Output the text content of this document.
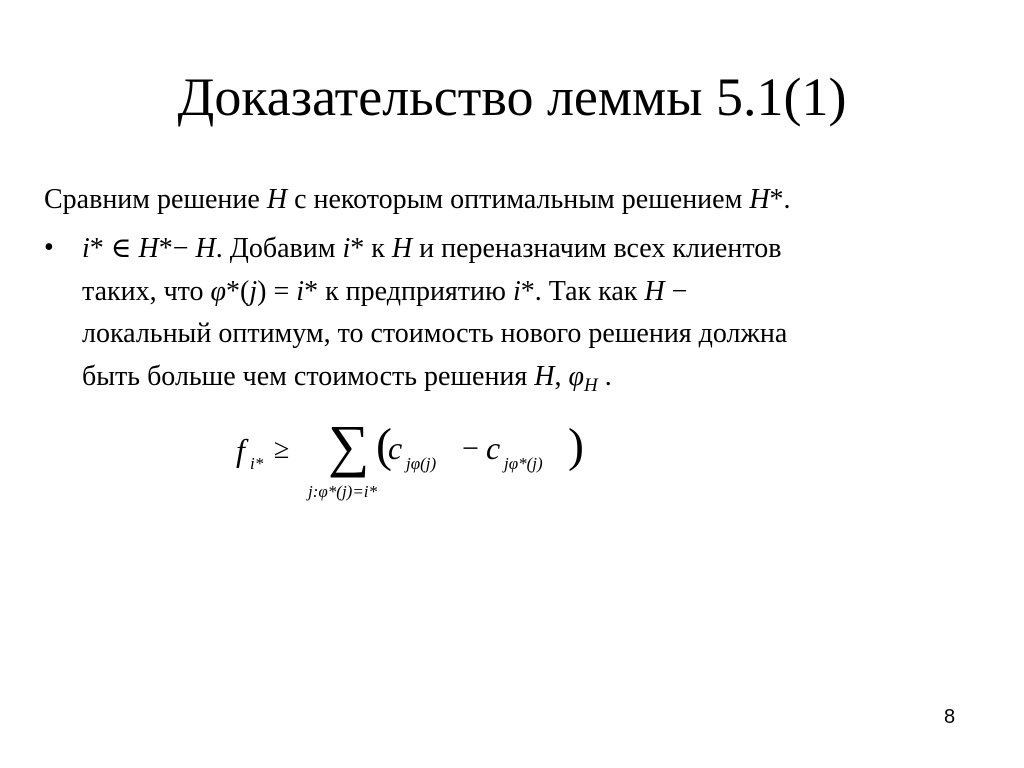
Доказательство леммы 5.1(1)
Сравним решение H с некоторым оптимальным решением H*.
• i* ∈ H*− H. Добавим i* к H и переназначим всех клиентов
таких, что φ*(j) = i* к предприятию i*. Так как H −
локальный оптимум, то стоимость нового решения должна
быть больше чем стоимость решения H, $\varphi_H$ .
f i* ≥ ∑
j:φ*(j)=i*
(
c jφ(j) − c jφ*(j) )
8
